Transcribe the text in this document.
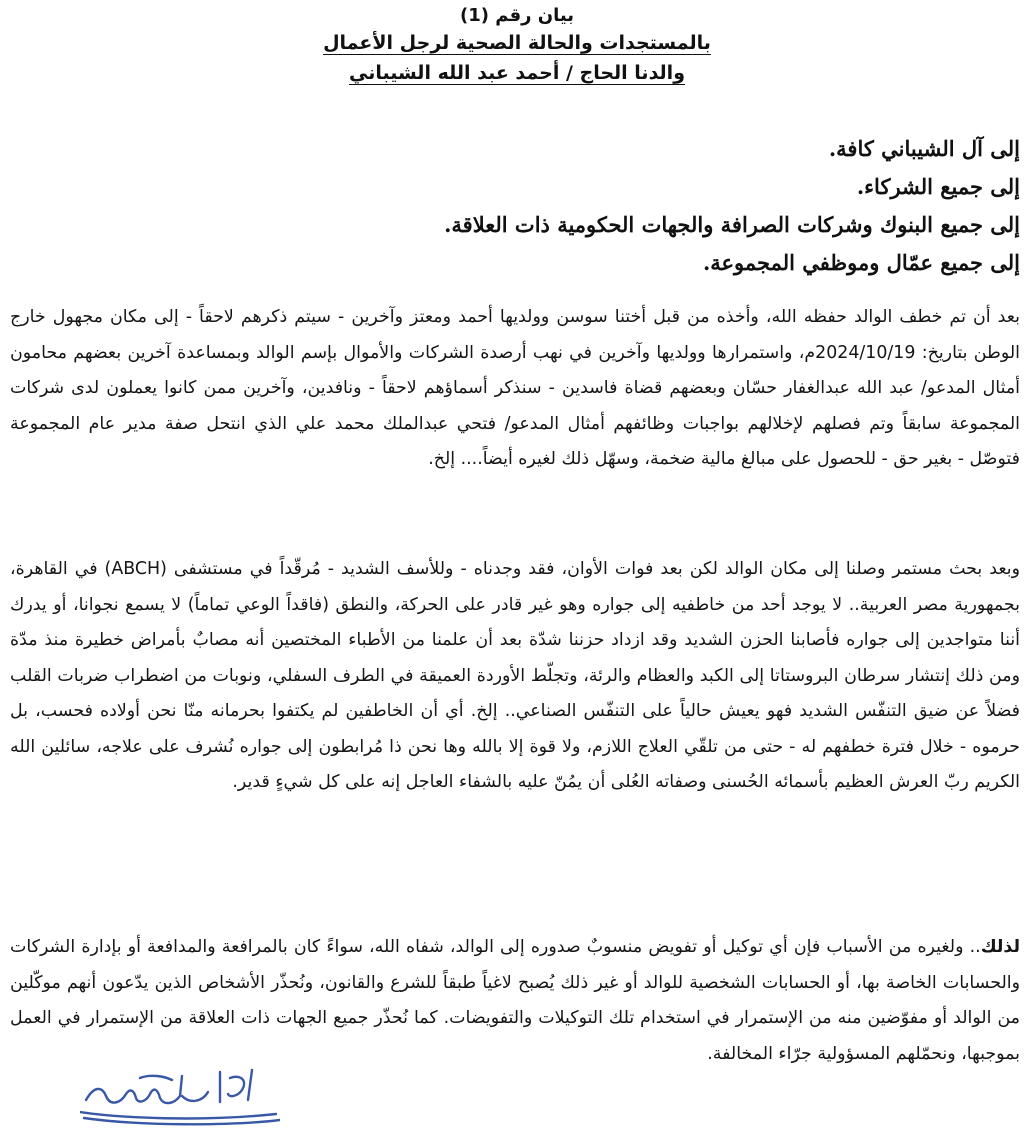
بيان رقم (1)
بالمستجدات والحالة الصحية لرجل الأعمال
والدنا الحاج / أحمد عبد الله الشيباني
إلى آل الشيباني كافة.
إلى جميع الشركاء.
إلى جميع البنوك وشركات الصرافة والجهات الحكومية ذات العلاقة.
إلى جميع عمّال وموظفي المجموعة.

بعد أن تم خطف الوالد حفظه الله، وأخذه من قبل أختنا سوسن وولديها أحمد ومعتز وآخرين - سيتم ذكرهم لاحقاً - إلى مكان مجهول خارج الوطن بتاريخ: 2024/10/19م، واستمرارها وولديها وآخرين في نهب أرصدة الشركات والأموال بإسم الوالد وبمساعدة آخرين بعضهم محامون أمثال المدعو/ عبد الله عبدالغفار حسّان وبعضهم قضاة فاسدين - سنذكر أسماؤهم لاحقاً - ونافدين، وآخرين ممن كانوا يعملون لدى شركات المجموعة سابقاً وتم فصلهم لإخلالهم بواجبات وظائفهم أمثال المدعو/ فتحي عبدالملك محمد علي الذي انتحل صفة مدير عام المجموعة فتوصّل - بغير حق - للحصول على مبالغ مالية ضخمة، وسهّل ذلك لغيره أيضاً.... إلخ.

وبعد بحث مستمر وصلنا إلى مكان الوالد لكن بعد فوات الأوان، فقد وجدناه - وللأسف الشديد - مُرقّداً في مستشفى (ABCH) في القاهرة، بجمهورية مصر العربية.. لا يوجد أحد من خاطفيه إلى جواره وهو غير قادر على الحركة، والنطق (فاقداً الوعي تماماً) لا يسمع نجوانا، أو يدرك أننا متواجدين إلى جواره فأصابنا الحزن الشديد وقد ازداد حزننا شدّة بعد أن علمنا من الأطباء المختصين أنه مصابٌ بأمراض خطيرة منذ مدّة ومن ذلك إنتشار سرطان البروستاتا إلى الكبد والعظام والرئة، وتجلّط الأوردة العميقة في الطرف السفلي، ونوبات من اضطراب ضربات القلب فضلاً عن ضيق التنفّس الشديد فهو يعيش حالياً على التنفّس الصناعي.. إلخ. أي أن الخاطفين لم يكتفوا بحرمانه منّا نحن أولاده فحسب، بل حرموه - خلال فترة خطفهم له - حتى من تلقّي العلاج اللازم، ولا قوة إلا بالله وها نحن ذا مُرابطون إلى جواره نُشرف على علاجه، سائلين الله الكريم ربّ العرش العظيم بأسمائه الحُسنى وصفاته العُلى أن يمُنّ عليه بالشفاء العاجل إنه على كل شيءٍ قدير.

لذلك.. ولغيره من الأسباب فإن أي توكيل أو تفويض منسوبٌ صدوره إلى الوالد، شفاه الله، سواءً كان بالمرافعة والمدافعة أو بإدارة الشركات والحسابات الخاصة بها، أو الحسابات الشخصية للوالد أو غير ذلك يُصبح لاغياً طبقاً للشرع والقانون، ونُحذّر الأشخاص الذين يدّعون أنهم موكّلين من الوالد أو مفوّضين منه من الإستمرار في استخدام تلك التوكيلات والتفويضات. كما نُحذّر جميع الجهات ذات العلاقة من الإستمرار في العمل بموجبها، ونحمّلهم المسؤولية جرّاء المخالفة.
